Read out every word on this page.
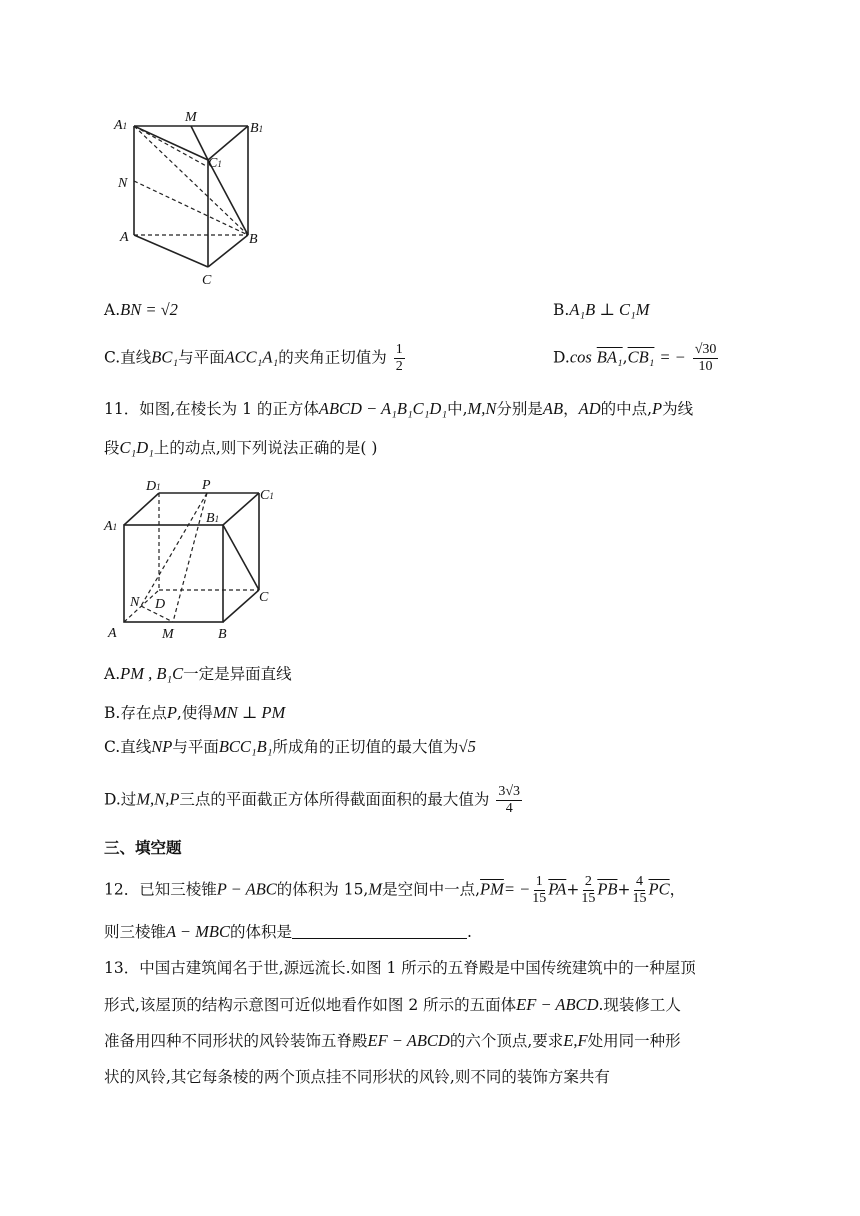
A1
M
B1
C1
N
A	B
C
A.BN = √2	B.A₁B ⊥ C₁M
C.直线BC₁与平面ACC₁A₁的夹角正切值为 $\frac{1}{2}$	D.cos BA₁,CB₁ = − $\frac{√30}{10}$
11．如图,在棱长为 1 的正方体ABCD − A₁B₁C₁D₁中,M,N分别是AB，AD的中点,P为线
段C₁D₁上的动点,则下列说法正确的是( )
D1	P
C1
A1
B1
N D	C
A	M	B
A.PM , B₁C一定是异面直线
B.存在点P,使得MN ⊥ PM
C.直线NP与平面BCC₁B₁所成角的正切值的最大值为√5
D.过M,N,P三点的平面截正方体所得截面面积的最大值为 $\frac{3√3}{4}$
三、填空题
12．已知三棱锥P − ABC的体积为 15,M是空间中一点$,\overline{PM}= - \frac{1}{15} \overline{PA}+ \frac{2}{15} \overline{PB}+ \frac{4}{15} \overline{PC}$，
则三棱锥A − MBC的体积是	.
13．中国古建筑闻名于世,源远流长.如图 1 所示的五脊殿是中国传统建筑中的一种屋顶
形式,该屋顶的结构示意图可近似地看作如图 2 所示的五面体EF − ABCD.现装修工人
准备用四种不同形状的风铃装饰五脊殿EF − ABCD的六个顶点,要求E,F处用同一种形
状的风铃,其它每条棱的两个顶点挂不同形状的风铃,则不同的装饰方案共有
